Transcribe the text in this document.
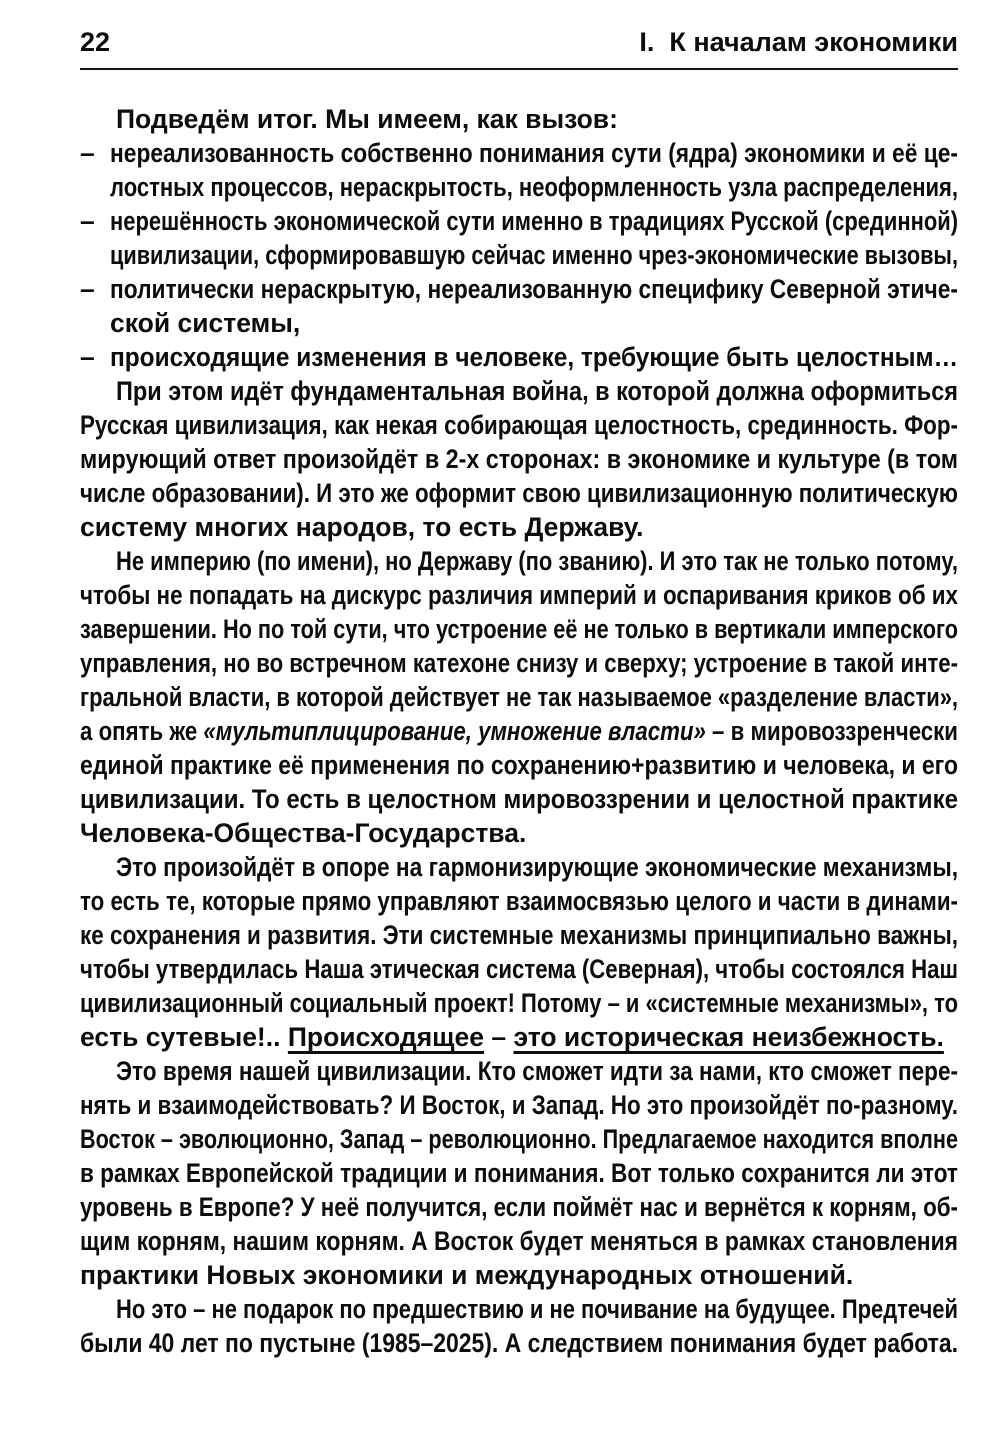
22	I.  К началам экономики
Подведём итог. Мы имеем, как вызов:
– нереализованность собственно понимания сути (ядра) экономики и её це-
лостных процессов, нераскрытость, неоформленность узла распределения,
– нерешённость экономической сути именно в традициях Русской (срединной)
цивилизации, сформировавшую сейчас именно чрез-экономические вызовы,
– политически нераскрытую, нереализованную специфику Северной этиче-
ской системы,
– происходящие изменения в человеке, требующие быть целостным…
При этом идёт фундаментальная война, в которой должна оформиться
Русская цивилизация, как некая собирающая целостность, срединность. Фор-
мирующий ответ произойдёт в 2-х сторонах: в экономике и культуре (в том
числе образовании). И это же оформит свою цивилизационную политическую
систему многих народов, то есть Державу.
Не империю (по имени), но Державу (по званию). И это так не только потому,
чтобы не попадать на дискурс различия империй и оспаривания криков об их
завершении. Но по той сути, что устроение её не только в вертикали имперского
управления, но во встречном катехоне снизу и сверху; устроение в такой инте-
гральной власти, в которой действует не так называемое «разделение власти»,
а опять же «мультиплицирование, умножение власти» – в мировоззренчески
единой практике её применения по сохранению+развитию и человека, и его
цивилизации. То есть в целостном мировоззрении и целостной практике
Человека-Общества-Государства.
Это произойдёт в опоре на гармонизирующие экономические механизмы,
то есть те, которые прямо управляют взаимосвязью целого и части в динами-
ке сохранения и развития. Эти системные механизмы принципиально важны,
чтобы утвердилась Наша этическая система (Северная), чтобы состоялся Наш
цивилизационный социальный проект! Потому – и «системные механизмы», то
есть сутевые!.. Происходящее – это историческая неизбежность.
Это время нашей цивилизации. Кто сможет идти за нами, кто сможет пере-
нять и взаимодействовать? И Восток, и Запад. Но это произойдёт по-разному.
Восток – эволюционно, Запад – революционно. Предлагаемое находится вполне
в рамках Европейской традиции и понимания. Вот только сохранится ли этот
уровень в Европе? У неё получится, если поймёт нас и вернётся к корням, об-
щим корням, нашим корням. А Восток будет меняться в рамках становления
практики Новых экономики и международных отношений.
Но это – не подарок по предшествию и не почивание на будущее. Предтечей
были 40 лет по пустыне (1985–2025). А следствием понимания будет работа.
